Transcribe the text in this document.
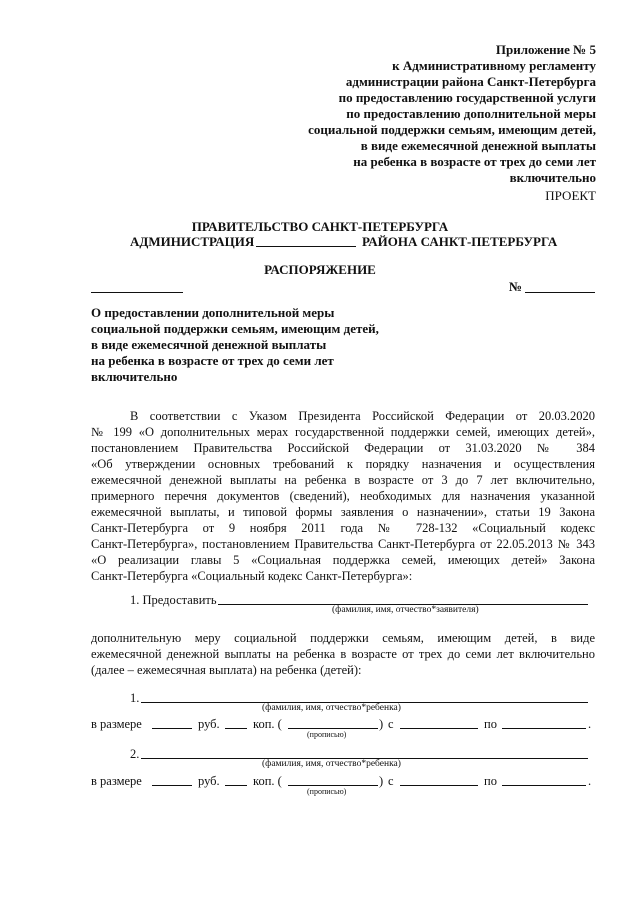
Приложение № 5
к Административному регламенту
администрации района Санкт-Петербурга
по предоставлению государственной услуги
по предоставлению дополнительной меры
социальной поддержки семьям, имеющим детей,
в виде ежемесячной денежной выплаты
на ребенка в возрасте от трех до семи лет
включительно
ПРОЕКТ
ПРАВИТЕЛЬСТВО САНКТ-ПЕТЕРБУРГА
АДМИНИСТРАЦИЯ	РАЙОНА САНКТ-ПЕТЕРБУРГА
РАСПОРЯЖЕНИЕ
№
О предоставлении дополнительной меры
социальной поддержки семьям, имеющим детей,
в виде ежемесячной денежной выплаты
на ребенка в возрасте от трех до семи лет
включительно
В соответствии с Указом Президента Российской Федерации от 20.03.2020
№ 199 «О дополнительных мерах государственной поддержки семей, имеющих детей»,
постановлением Правительства Российской Федерации от 31.03.2020 № 384
«Об утверждении основных требований к порядку назначения и осуществления
ежемесячной денежной выплаты на ребенка в возрасте от 3 до 7 лет включительно,
примерного перечня документов (сведений), необходимых для назначения указанной
ежемесячной выплаты, и типовой формы заявления о назначении», статьи 19 Закона
Санкт-Петербурга от 9 ноября 2011 года № 728-132 «Социальный кодекс
Санкт-Петербурга», постановлением Правительства Санкт-Петербурга от 22.05.2013 № 343
«О реализации главы 5 «Социальная поддержка семей, имеющих детей» Закона
Санкт-Петербурга «Социальный кодекс Санкт-Петербурга»:
1. Предоставить
(фамилия, имя, отчество*заявителя)
дополнительную меру социальной поддержки семьям, имеющим детей, в виде
ежемесячной денежной выплаты на ребенка в возрасте от трех до семи лет включительно
(далее – ежемесячная выплата) на ребенка (детей):
1.
(фамилия, имя, отчество*ребенка)
в размере	руб.	коп. (	) с	по	.
(прописью)
2.
(фамилия, имя, отчество*ребенка)
в размере	руб.	коп. (	) с	по	.
(прописью)
